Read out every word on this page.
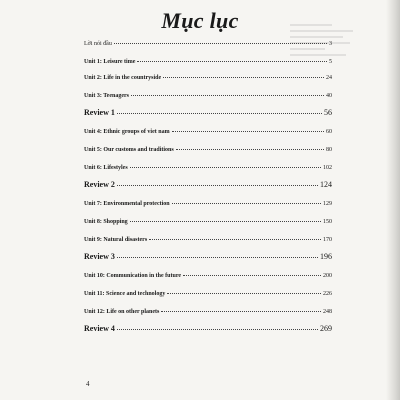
Mục lục
Lời nói đầu	3
Unit 1: Leisure time	5
Unit 2: Life in the countryside	24
Unit 3: Teenagers	40
Review 1	56
Unit 4: Ethnic groups of viet nam	60
Unit 5: Our customs and traditions	80
Unit 6: Lifestyles	102
Review 2	124
Unit 7: Environmental protection	129
Unit 8: Shopping	150
Unit 9: Natural disasters	170
Review 3	196
Unit 10: Communication in the future	200
Unit 11: Science and technology	226
Unit 12: Life on other planets	248
Review 4	269
4
